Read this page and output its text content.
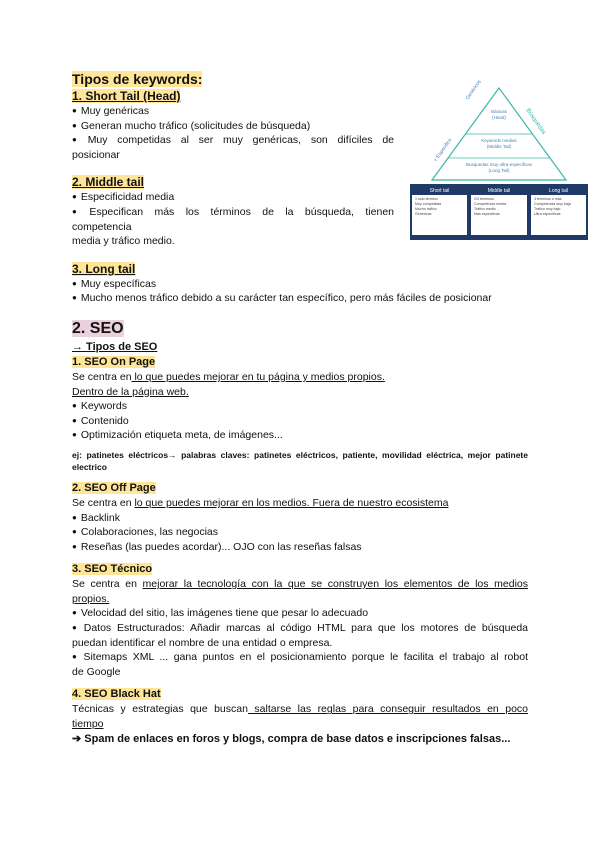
Tipos de keywords:

1. Short Tail (Head)

● Muy genéricas

● Generan mucho tráfico (solicitudes de búsqueda)

● Muy competidas al ser muy genéricas, son difíciles de

posicionar

2. Middle tail

● Especificidad media

● Especifican más los términos de la búsqueda, tienen

competencia

media y tráfico medio.

3. Long tail

● Muy específicas

● Mucho menos tráfico debido a su carácter tan específico, pero más fáciles de posicionar

2. SEO

→ Tipos de SEO

1. SEO On Page

Se centra en lo que puedes mejorar en tu página y medios propios.

Dentro de la página web.

● Keywords

● Contenido

● Optimización etiqueta meta, de imágenes...

ej: patinetes eléctricos→ palabras claves: patinetes eléctricos, patiente, movilidad eléctrica, mejor patinete

electrico

2. SEO Off Page

Se centra en lo que puedes mejorar en los medios. Fuera de nuestro ecosistema

● Backlink

● Colaboraciones, las negocias

● Reseñas (las puedes acordar)... OJO con las reseñas falsas

3. SEO Técnico

Se centra en mejorar la tecnología con la que se construyen los elementos de los medios

propios.

● Velocidad del sitio, las imágenes tiene que pesar lo adecuado

● Datos Estructurados: Añadir marcas al código HTML para que los motores de búsqueda

puedan identificar el nombre de una entidad o empresa.

● Sitemaps XML ... gana puntos en el posicionamiento porque le facilita el trabajo al robot

de Google

4. SEO Black Hat

Técnicas y estrategias que buscan saltarse las reglas para conseguir resultados en poco

tiempo

➔ Spam de enlaces en foros y blogs, compra de base datos e inscripciones falsas...

Básicas
(Head)
Keywords medias
(Middle Tail)
Busquedas muy ultra-especificas
(Long Tail)
Genéricos
+ Especifico
Búsquedas
Short tail
1 solo término
Muy competidas
Mucho tráfico
Genéricas
Middle tail
2/3 términos
Competencia media
Tráfico medio
Mas específicas
Long tail
4 términos o más
Competencia muy baja
Tráfico muy bajo
Ultra específicas
